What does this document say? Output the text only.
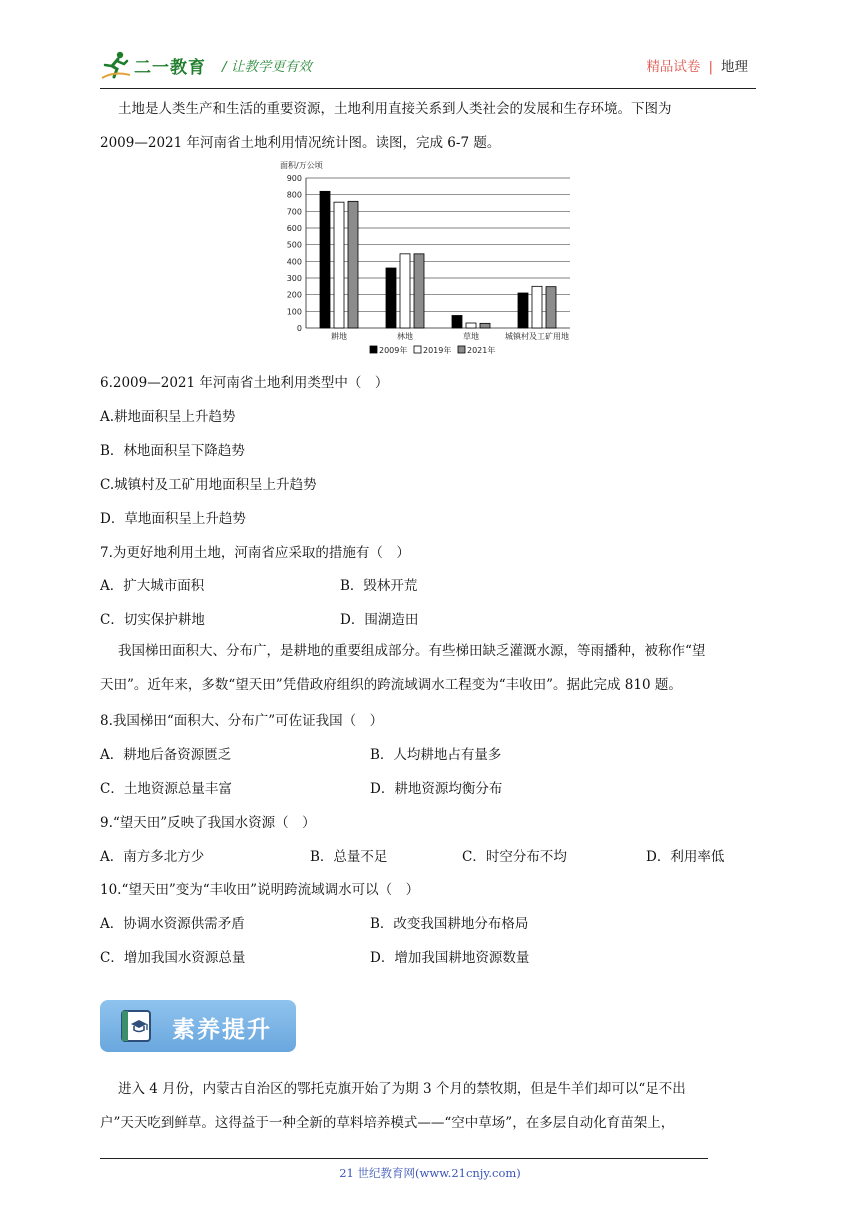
二一教育 / 让教学更有效	精品试卷 | 地理
土地是人类生产和生活的重要资源，土地利用直接关系到人类社会的发展和生存环境。下图为
2009—2021 年河南省土地利用情况统计图。读图，完成 6-7 题。
面积/万公顷
0
100
200
300
400
500
600
700
800
900
耕地	林地	草地	城镇村及工矿用地
2009年 2019年 2021年
6.2009—2021 年河南省土地利用类型中（　）
A.耕地面积呈上升趋势
B．林地面积呈下降趋势
C.城镇村及工矿用地面积呈上升趋势
D．草地面积呈上升趋势
7.为更好地利用土地，河南省应采取的措施有（　）
A．扩大城市面积	B．毁林开荒
C．切实保护耕地	D．围湖造田
我国梯田面积大、分布广，是耕地的重要组成部分。有些梯田缺乏灌溉水源，等雨播种，被称作“望
天田”。近年来，多数“望天田”凭借政府组织的跨流域调水工程变为“丰收田”。据此完成 810 题。
8.我国梯田“面积大、分布广”可佐证我国（　）
A．耕地后备资源匮乏	B．人均耕地占有量多
C．土地资源总量丰富	D．耕地资源均衡分布
9.“望天田”反映了我国水资源（　）
A．南方多北方少	B．总量不足	C．时空分布不均	D．利用率低
10.“望天田”变为“丰收田”说明跨流域调水可以（　）
A．协调水资源供需矛盾	B．改变我国耕地分布格局
C．增加我国水资源总量	D．增加我国耕地资源数量
素养提升
进入 4 月份，内蒙古自治区的鄂托克旗开始了为期 3 个月的禁牧期，但是牛羊们却可以“足不出
户”天天吃到鲜草。这得益于一种全新的草料培养模式——“空中草场”，在多层自动化育苗架上，
21 世纪教育网(www.21cnjy.com)
